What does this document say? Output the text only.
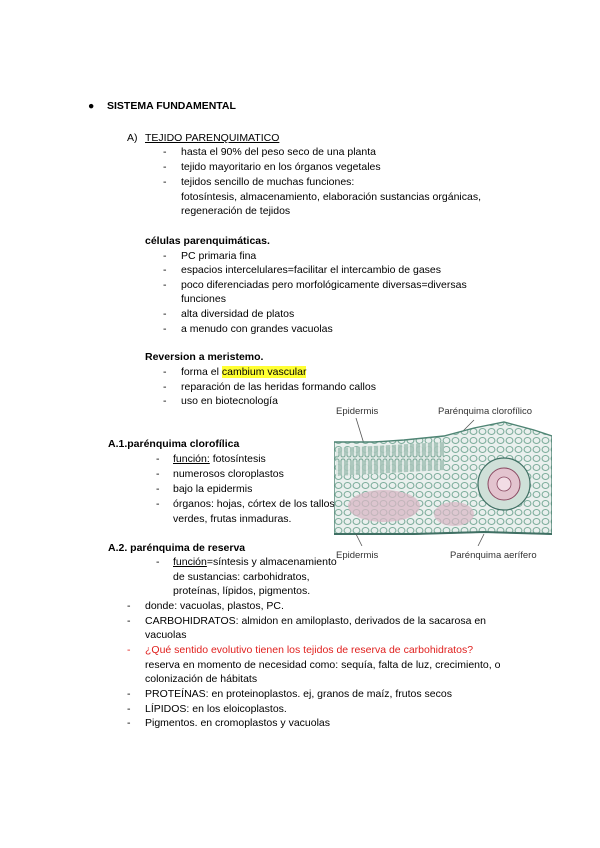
● SISTEMA FUNDAMENTAL
A) TEJIDO PARENQUIMATICO
- hasta el 90% del peso seco de una planta
- tejido mayoritario en los órganos vegetales
- tejidos sencillo de muchas funciones:
fotosíntesis, almacenamiento, elaboración sustancias orgánicas,
regeneración de tejidos
células parenquimáticas.
- PC primaria fina
- espacios intercelulares=facilitar el intercambio de gases
- poco diferenciadas pero morfológicamente diversas=diversas
funciones
- alta diversidad de platos
- a menudo con grandes vacuolas
Reversion a meristemo.
- forma el cambium vascular
- reparación de las heridas formando callos
- uso en biotecnología
Epidermis	Parénquima clorofílico
Epidermis	Parénquima aerífero
A.1.parénquima clorofílica
- función: fotosíntesis
- numerosos cloroplastos
- bajo la epidermis
- órganos: hojas, córtex de los tallos
verdes, frutas inmaduras.
A.2. parénquima de reserva
- función=síntesis y almacenamiento
de sustancias: carbohidratos,
proteínas, lípidos, pigmentos.
- donde: vacuolas, plastos, PC.
- CARBOHIDRATOS: almidon en amiloplasto, derivados de la sacarosa en
vacuolas
- ¿Qué sentido evolutivo tienen los tejidos de reserva de carbohidratos?
reserva en momento de necesidad como: sequía, falta de luz, crecimiento, o
colonización de hábitats
- PROTEÍNAS: en proteinoplastos. ej, granos de maíz, frutos secos
- LÍPIDOS: en los eloicoplastos.
- Pigmentos. en cromoplastos y vacuolas
